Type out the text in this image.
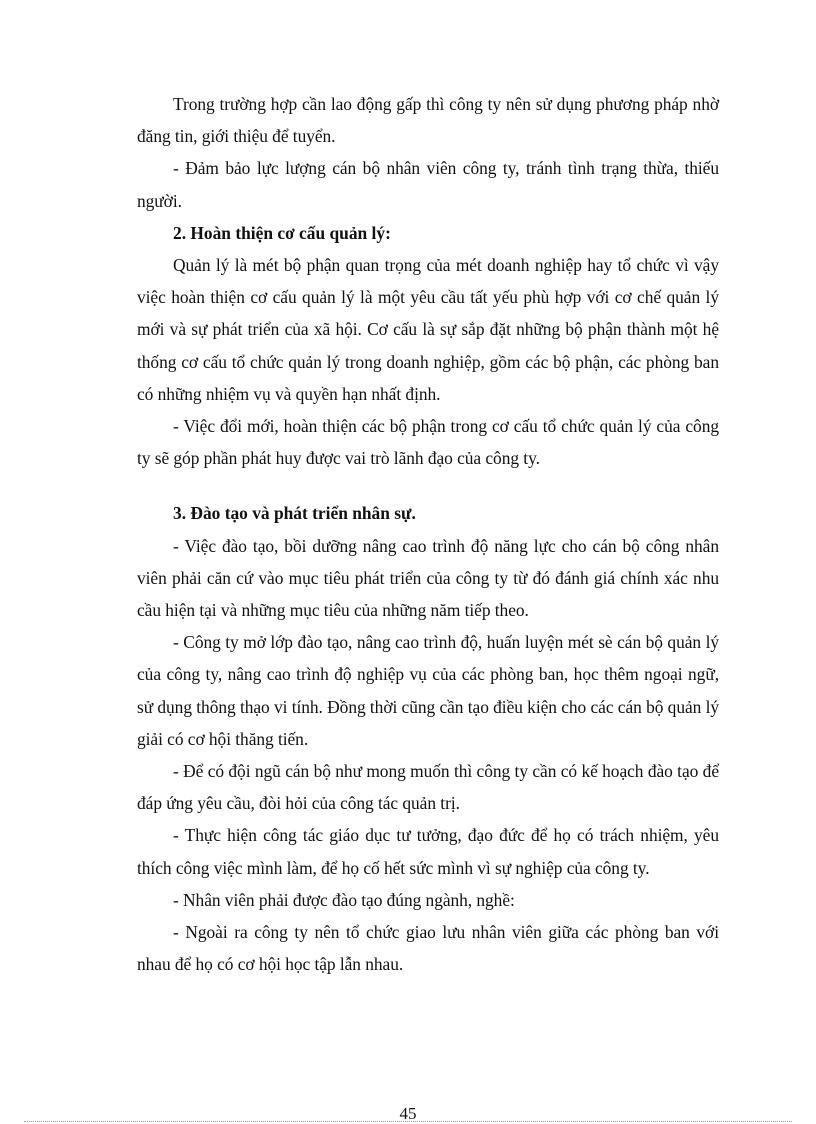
Trong trường hợp cần lao động gấp thì công ty nên sử dụng phương pháp nhờ đăng tin, giới thiệu để tuyển.

- Đảm bảo lực lượng cán bộ nhân viên công ty, tránh tình trạng thừa, thiếu người.

2. Hoàn thiện cơ cấu quản lý:

Quản lý là mét bộ phận quan trọng của mét doanh nghiệp hay tổ chức vì vậy việc hoàn thiện cơ cấu quản lý là một yêu cầu tất yếu phù hợp với cơ chế quản lý mới và sự phát triển của xã hội. Cơ cấu là sự sắp đặt những bộ phận thành một hệ thống cơ cấu tổ chức quản lý trong doanh nghiệp, gồm các bộ phận, các phòng ban có những nhiệm vụ và quyền hạn nhất định.

- Việc đổi mới, hoàn thiện các bộ phận trong cơ cấu tổ chức quản lý của công ty sẽ góp phần phát huy được vai trò lãnh đạo của công ty.

3. Đào tạo và phát triển nhân sự.

- Việc đào tạo, bồi dưỡng nâng cao trình độ năng lực cho cán bộ công nhân viên phải căn cứ vào mục tiêu phát triển của công ty từ đó đánh giá chính xác nhu cầu hiện tại và những mục tiêu của những năm tiếp theo.

- Công ty mở lớp đào tạo, nâng cao trình độ, huấn luyện mét sè cán bộ quản lý của công ty, nâng cao trình độ nghiệp vụ của các phòng ban, học thêm ngoại ngữ, sử dụng thông thạo vi tính. Đồng thời cũng cần tạo điều kiện cho các cán bộ quản lý giải có cơ hội thăng tiến.

- Để có đội ngũ cán bộ như mong muốn thì công ty cần có kế hoạch đào tạo để đáp ứng yêu cầu, đòi hỏi của công tác quản trị.

- Thực hiện công tác giáo dục tư tưởng, đạo đức để họ có trách nhiệm, yêu thích công việc mình làm, để họ cố hết sức mình vì sự nghiệp của công ty.

- Nhân viên phải được đào tạo đúng ngành, nghề:

- Ngoài ra công ty nên tổ chức giao lưu nhân viên giữa các phòng ban với nhau để họ có cơ hội học tập lẫn nhau.

45
